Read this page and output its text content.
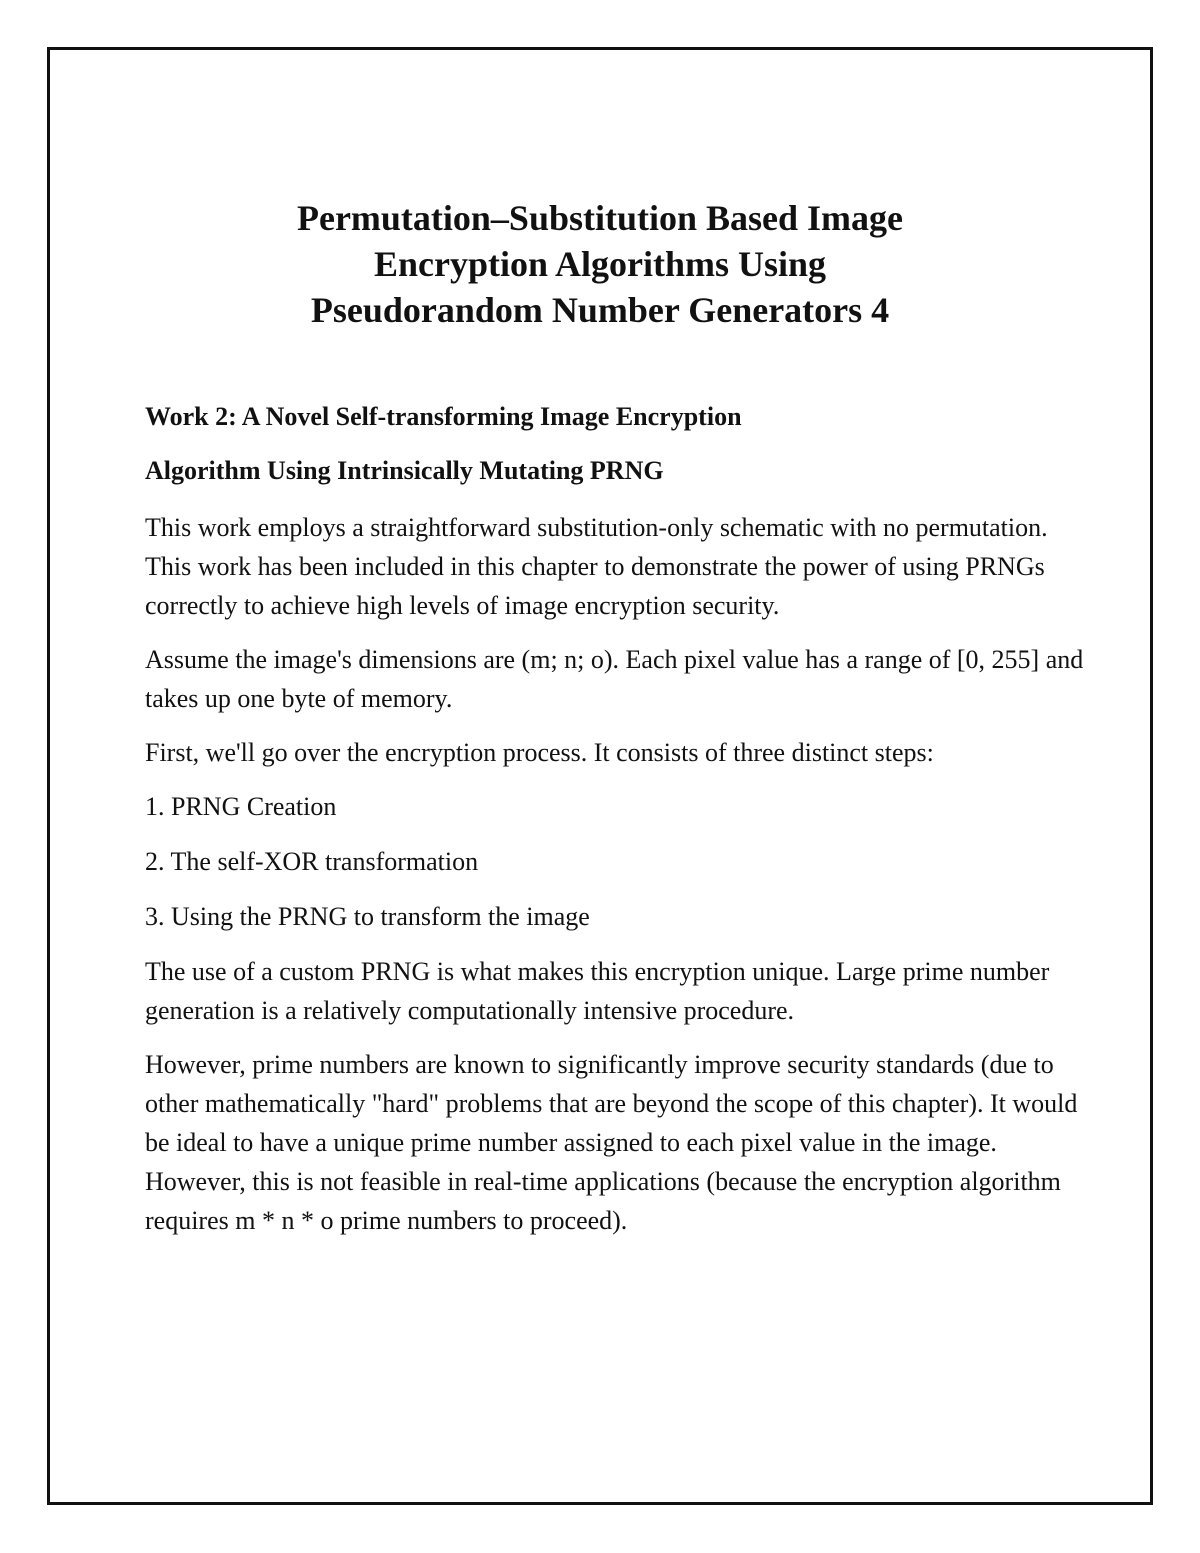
Permutation–Substitution Based Image
Encryption Algorithms Using
Pseudorandom Number Generators 4

Work 2: A Novel Self-transforming Image Encryption

Algorithm Using Intrinsically Mutating PRNG

This work employs a straightforward substitution-only schematic with no permutation. This work has been included in this chapter to demonstrate the power of using PRNGs correctly to achieve high levels of image encryption security.

Assume the image's dimensions are (m; n; o). Each pixel value has a range of [0, 255] and takes up one byte of memory.

First, we'll go over the encryption process. It consists of three distinct steps:

1. PRNG Creation

2. The self-XOR transformation

3. Using the PRNG to transform the image

The use of a custom PRNG is what makes this encryption unique. Large prime number generation is a relatively computationally intensive procedure.

However, prime numbers are known to significantly improve security standards (due to other mathematically "hard" problems that are beyond the scope of this chapter). It would be ideal to have a unique prime number assigned to each pixel value in the image. However, this is not feasible in real-time applications (because the encryption algorithm requires m * n * o prime numbers to proceed).
